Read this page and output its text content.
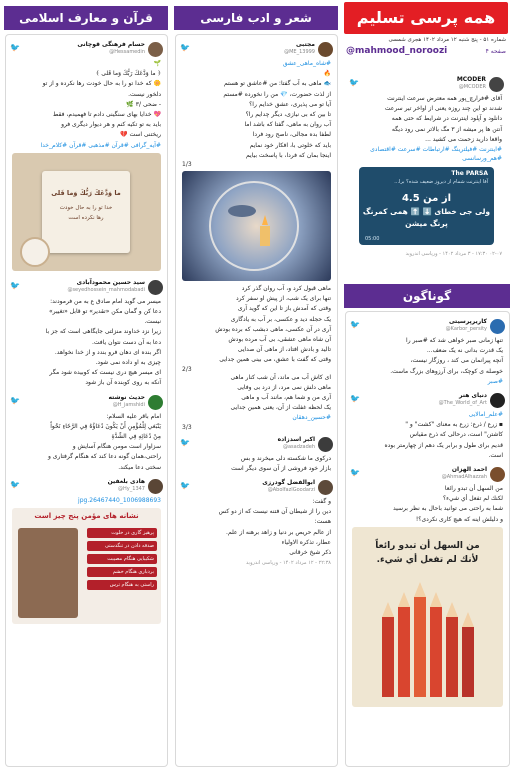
همه پرسی تسلیم
شماره ۵۱ - پنج شنبه ۱۲ مرداد ۱۴۰۲ هجری شمسی
@mahmood_noroozi	صفحه ۴
MCODER
@MCODER
🐦

آقای #فرارچ_پور همه معترض سرعت اینترنت

شدند تو این چند روزه یعنی از اواخر تیر سرعت

دانلود و آپلود اینترنت در شرایط که حتی همه

آنتن ها پر میشه از ۳ مگ بالاتر نمی رود دیگه

واقعا دارید زحمت می کشید ...

#اینترنت #فیلترینگ #ارتباطات #سرعت #اقتصادی #هم_ورسانسی

The PARSA
آقا اینترنت شمام از دیروز ضعیف شده؟ برا...
از من 4.5
ولی جی خطای ⬇️ ⬆️ همی کمرنگ
پرنگ میشن
05:00
۰۲-۰۷ ۱۷:۳۰ - ۳ مرداد ۱۴۰۲ - ورپاسی اندروید
گوناگون
کاریرپرسیتی
@Karbor_persity
🐦

تنها زمانی صبر خواهی شد که #صبر را

یک قدرت بدانی نه یک ضعف...

آنچه پیرانمان می کند ، روزگار نیست،

خوصله ی کوچک، برای آرزوهای بزرگ ماست.

#صبر

دنیای هنر
@The_World_of_Art
🐦

#علم_امالایی

▪ زرع / ذرع: زرع به معنای "کشت" و "

کاشتن" است، درحالی که ذرع مقیاس

قدیم برای طول و برابر یک دهم از چهارمتر بوده

است.

احمد الهزان
@AhmadAlhazzah
🐦

من السهل أن تبدو رائعا

لكنك لم تفعل أي شيء؟

شما به راحتی می توانید باحال به نظر برسید

و دلیلش اینه که هیچ کاری نکردی؟!

من السهل أن تبدو رائعاً
لأنك لم تفعل أي شيء.
شعر و ادب فارسی
مجتبی
@ME_13999
🐦

#شاه_ماهی_عشق

🔥

🐟 ماهی به آب گفتا: من #عاشق تو هستم

از لذت حضورت، 💎 من را نخورده #مستم

آیا تو می پذیری، عشق خدایم را؟

تا بین که بی نیازی، دیگر چدایم را؟

آب روان به ماهی، گفتا که باشد اما

لطفا بده مجالی، ناصح رود فردا

باید که خلوتی با، افکار خود نمایم

اینجا بمان که فردا، با پاسخت بیایم

1/3

ماهی قبول کرد و، آب روان گذر کرد

تنها برای یک شب، از پیش او سفر کرد

وقتی که آمدش باز تا این که گوید آری

یک حجله دید و عکسی، بر آب به یادگاری

آری در آن عکسی، ماهی دبشب که برده بودش

آن شاه ماهی عشقی، بی آب مرده بودش

تالید و بادش افتاد، از ماهی آن صدایی

وقتی که گفت با عشق، می بینی همین جدایی

2/3

ای کاش آب می ماند، آن شب کنار ماهی

ماهی دلش نمی مرد، از درد بی وفایی

آری من و شما هم، مانند آب و ماهی

یک لحظه غفلت از آن، یعنی همین جدایی

#حسین_دهقان

3/3
اکبر اسدزاده
@asadzadeh
🐦

دركوى ما شكسته دلى ميخرند و بس

بازار خود فروشی از آن سوی دیگر است

ابوالفضل گودرزی
@AbolfazIGoodarzi
🐦

و گفت:

دین را از شیطان آن فتنه نیست که از دو کس

هست:

از عالم حریص بر دنیا و زاهد برهنه از علم.

عطار، تذکره الاولیاء

ذکر شیخ خرقانی

۲۲:۳۸ - ۱۲ مرداد ۱۴۰۲ - ورپاسی اندروید
قرآن و معارف اسلامی
حسام فرهنگی قوچانی
@Hessamedin
🐦

🌱

﴿ ما وَدَّعَكَ رَبُّكَ وَما قَلى ﴾

🌼 که خدا تو را به حال خودت رها نکرده و از تو

دلخور نیست.

- ضحی /۳ 🌿

💖 خدایا بهای سنگینی دادم تا فهمیدم، فقط

باید به تو تکیه کنم و هر دیوار دیگری فرو

ریختنی است 💔

#آیه_گرافی #قرآن #مذهبی #قرآن #کلام_خدا

ما وَدَّعَكَ رَبُّكَ وَما قَلى
خدا تو را به حال خودت
رها نکرده است
سید حسین محمودآبادی
@seyedhossein_mahmodabadi
🐦

میسر می گوید امام صادق ع به من فرمودند:

دعا کن و گمان مکن «تقدیر» تو قابل «تغییر»

نیست.

زیرا نزد خداوند منزلتی جایگاهی است که جز با

دعا به آن دست نتوان یافت.

اگر بنده ای دهان فرو بندد و از خدا نخواهد.

چیزی به او داده نمی شود.

ای میسر هیچ دری نیست که کوبیده شود مگر

آنکه به روی کوبنده آن باز شود

حدیث نوشته
@H_jamshidi
🐦

امام باقر علیه السلام:

يَنْبَغي لِلْمُؤْمِنِ أَنْ يَكُونَ دُعَاؤُهُ فِي الرَّخَاءِ نَحْواً

مِنْ دُعَائِهِ فِي الشِّدَّةِ

سزاوار است مومن هنگام آسایش و

راحتی،همان گونه دعا کند که هنگام گرفتاری و

سختی دعا میکند.

هادی بلغفین
@Hy_1347
🐦

1006988693_26467440.jpg

نشانه های مؤمن پنج چیز است
پرهیز گاری در خلوت
صدقه دادن در تنگدستی
شکیبایی هنگام مصیبت
بردباری هنگام خشم
راستی به هنگام ترس
